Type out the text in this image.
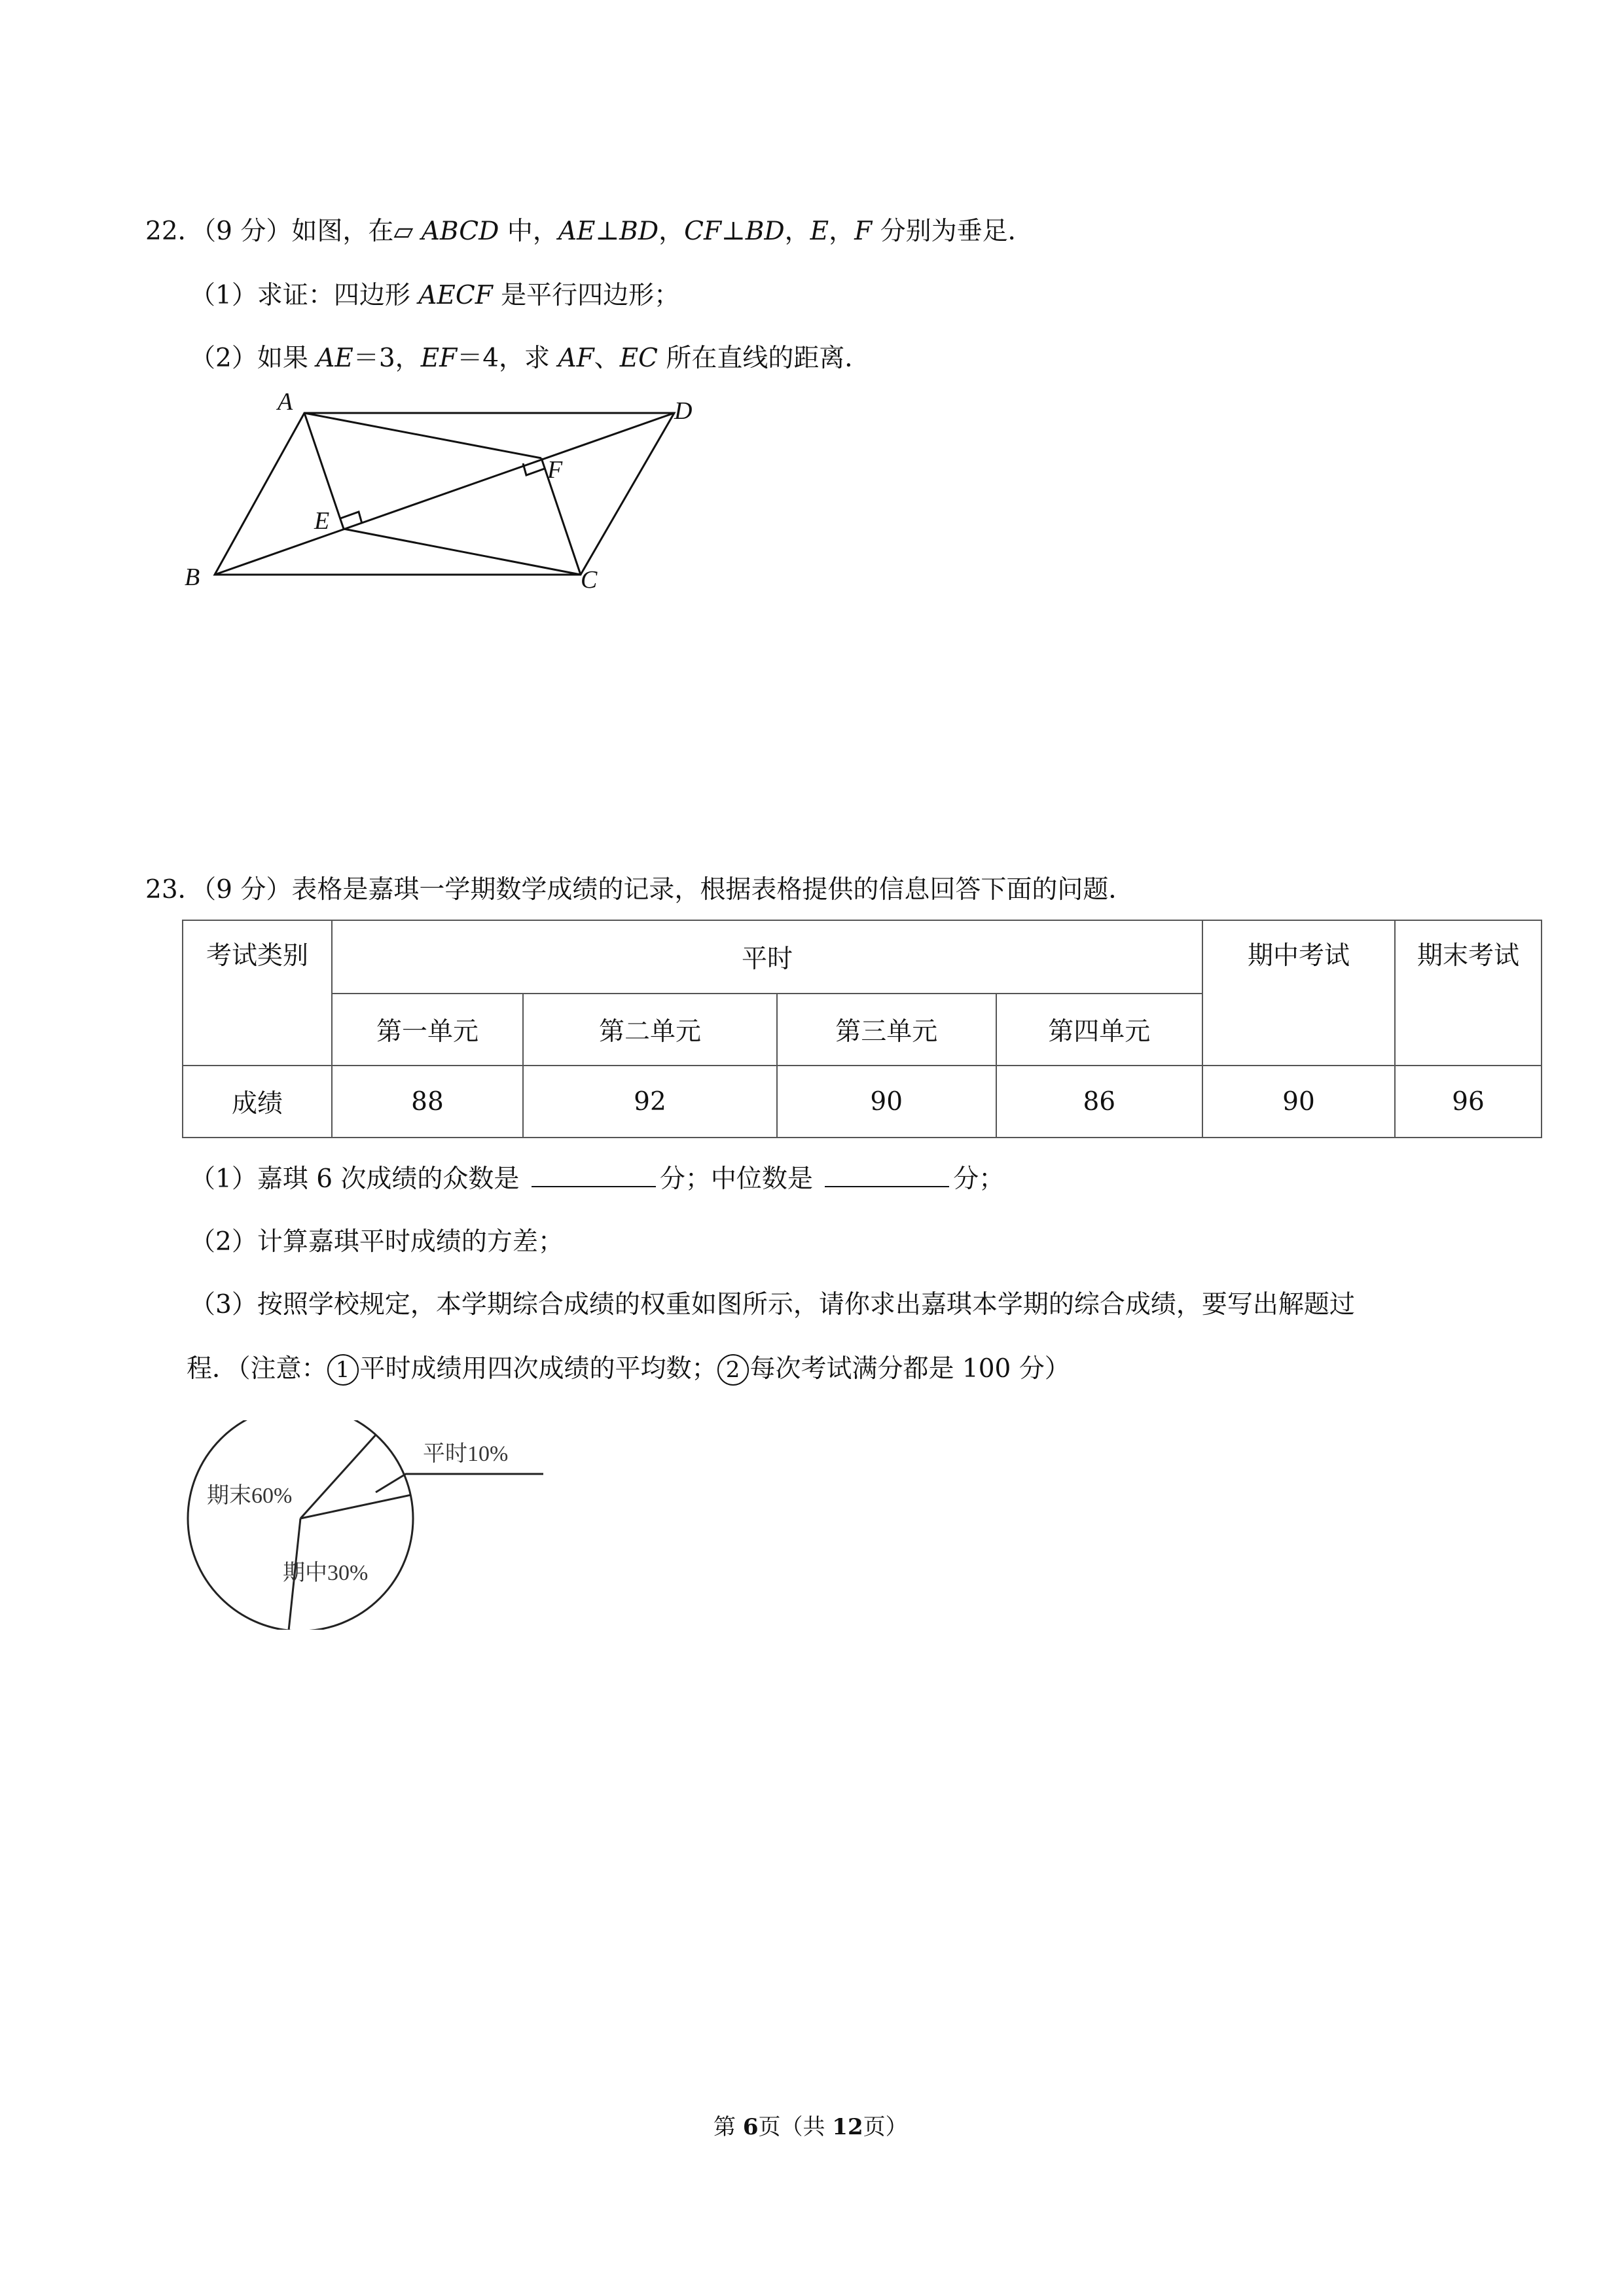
22．（9 分）如图，在▱ ABCD 中，AE⊥BD，CF⊥BD，E，F 分别为垂足．
（1）求证：四边形 AECF 是平行四边形；
（2）如果 AE＝3，EF＝4，求 AF、EC 所在直线的距离．
A	D
B	C
E
F
23．（9 分）表格是嘉琪一学期数学成绩的记录，根据表格提供的信息回答下面的问题．
考试类别	平时				期中考试	期末考试
	第一单元	第二单元	第三单元	第四单元		
成绩	88	92	90	86	90	96
（1）嘉琪 6 次成绩的众数是	分；中位数是	分；
（2）计算嘉琪平时成绩的方差；
（3）按照学校规定，本学期综合成绩的权重如图所示，请你求出嘉琪本学期的综合成绩，要写出解题过
程．（注意： 1 平时成绩用四次成绩的平均数； 2 每次考试满分都是 100 分）
平时10%
期中30%
期末60%
第 6页（共 12页）
